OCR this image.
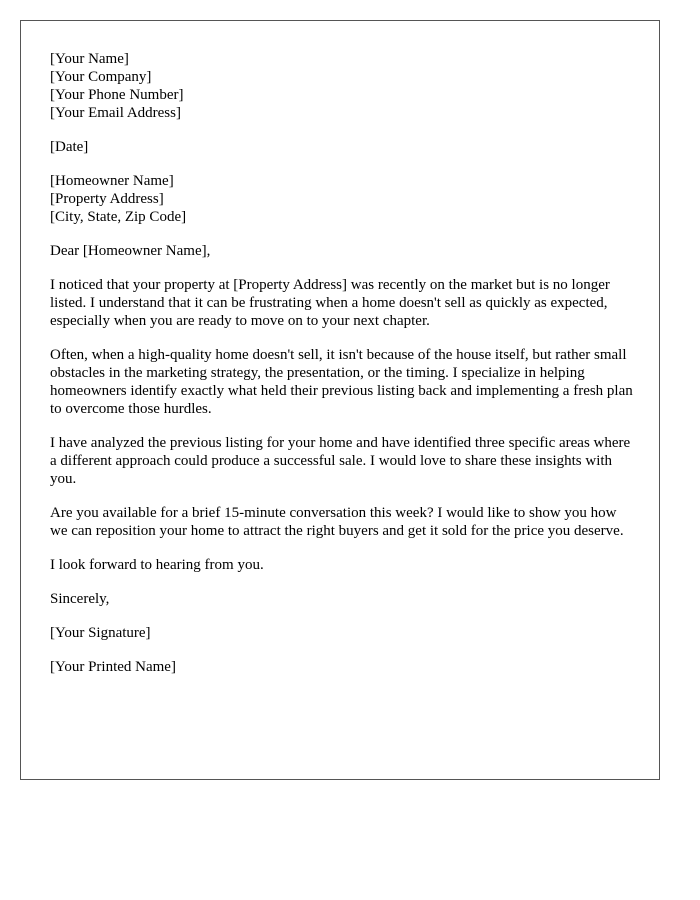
[Your Name]
[Your Company]
[Your Phone Number]
[Your Email Address]
[Date]
[Homeowner Name]
[Property Address]
[City, State, Zip Code]

Dear [Homeowner Name],

I noticed that your property at [Property Address] was recently on the market but is no longer listed. I understand that it can be frustrating when a home doesn't sell as quickly as expected, especially when you are ready to move on to your next chapter.

Often, when a high-quality home doesn't sell, it isn't because of the house itself, but rather small obstacles in the marketing strategy, the presentation, or the timing. I specialize in helping homeowners identify exactly what held their previous listing back and implementing a fresh plan to overcome those hurdles.

I have analyzed the previous listing for your home and have identified three specific areas where a different approach could produce a successful sale. I would love to share these insights with you.

Are you available for a brief 15-minute conversation this week? I would like to show you how we can reposition your home to attract the right buyers and get it sold for the price you deserve.

I look forward to hearing from you.

Sincerely,

[Your Signature]

[Your Printed Name]
